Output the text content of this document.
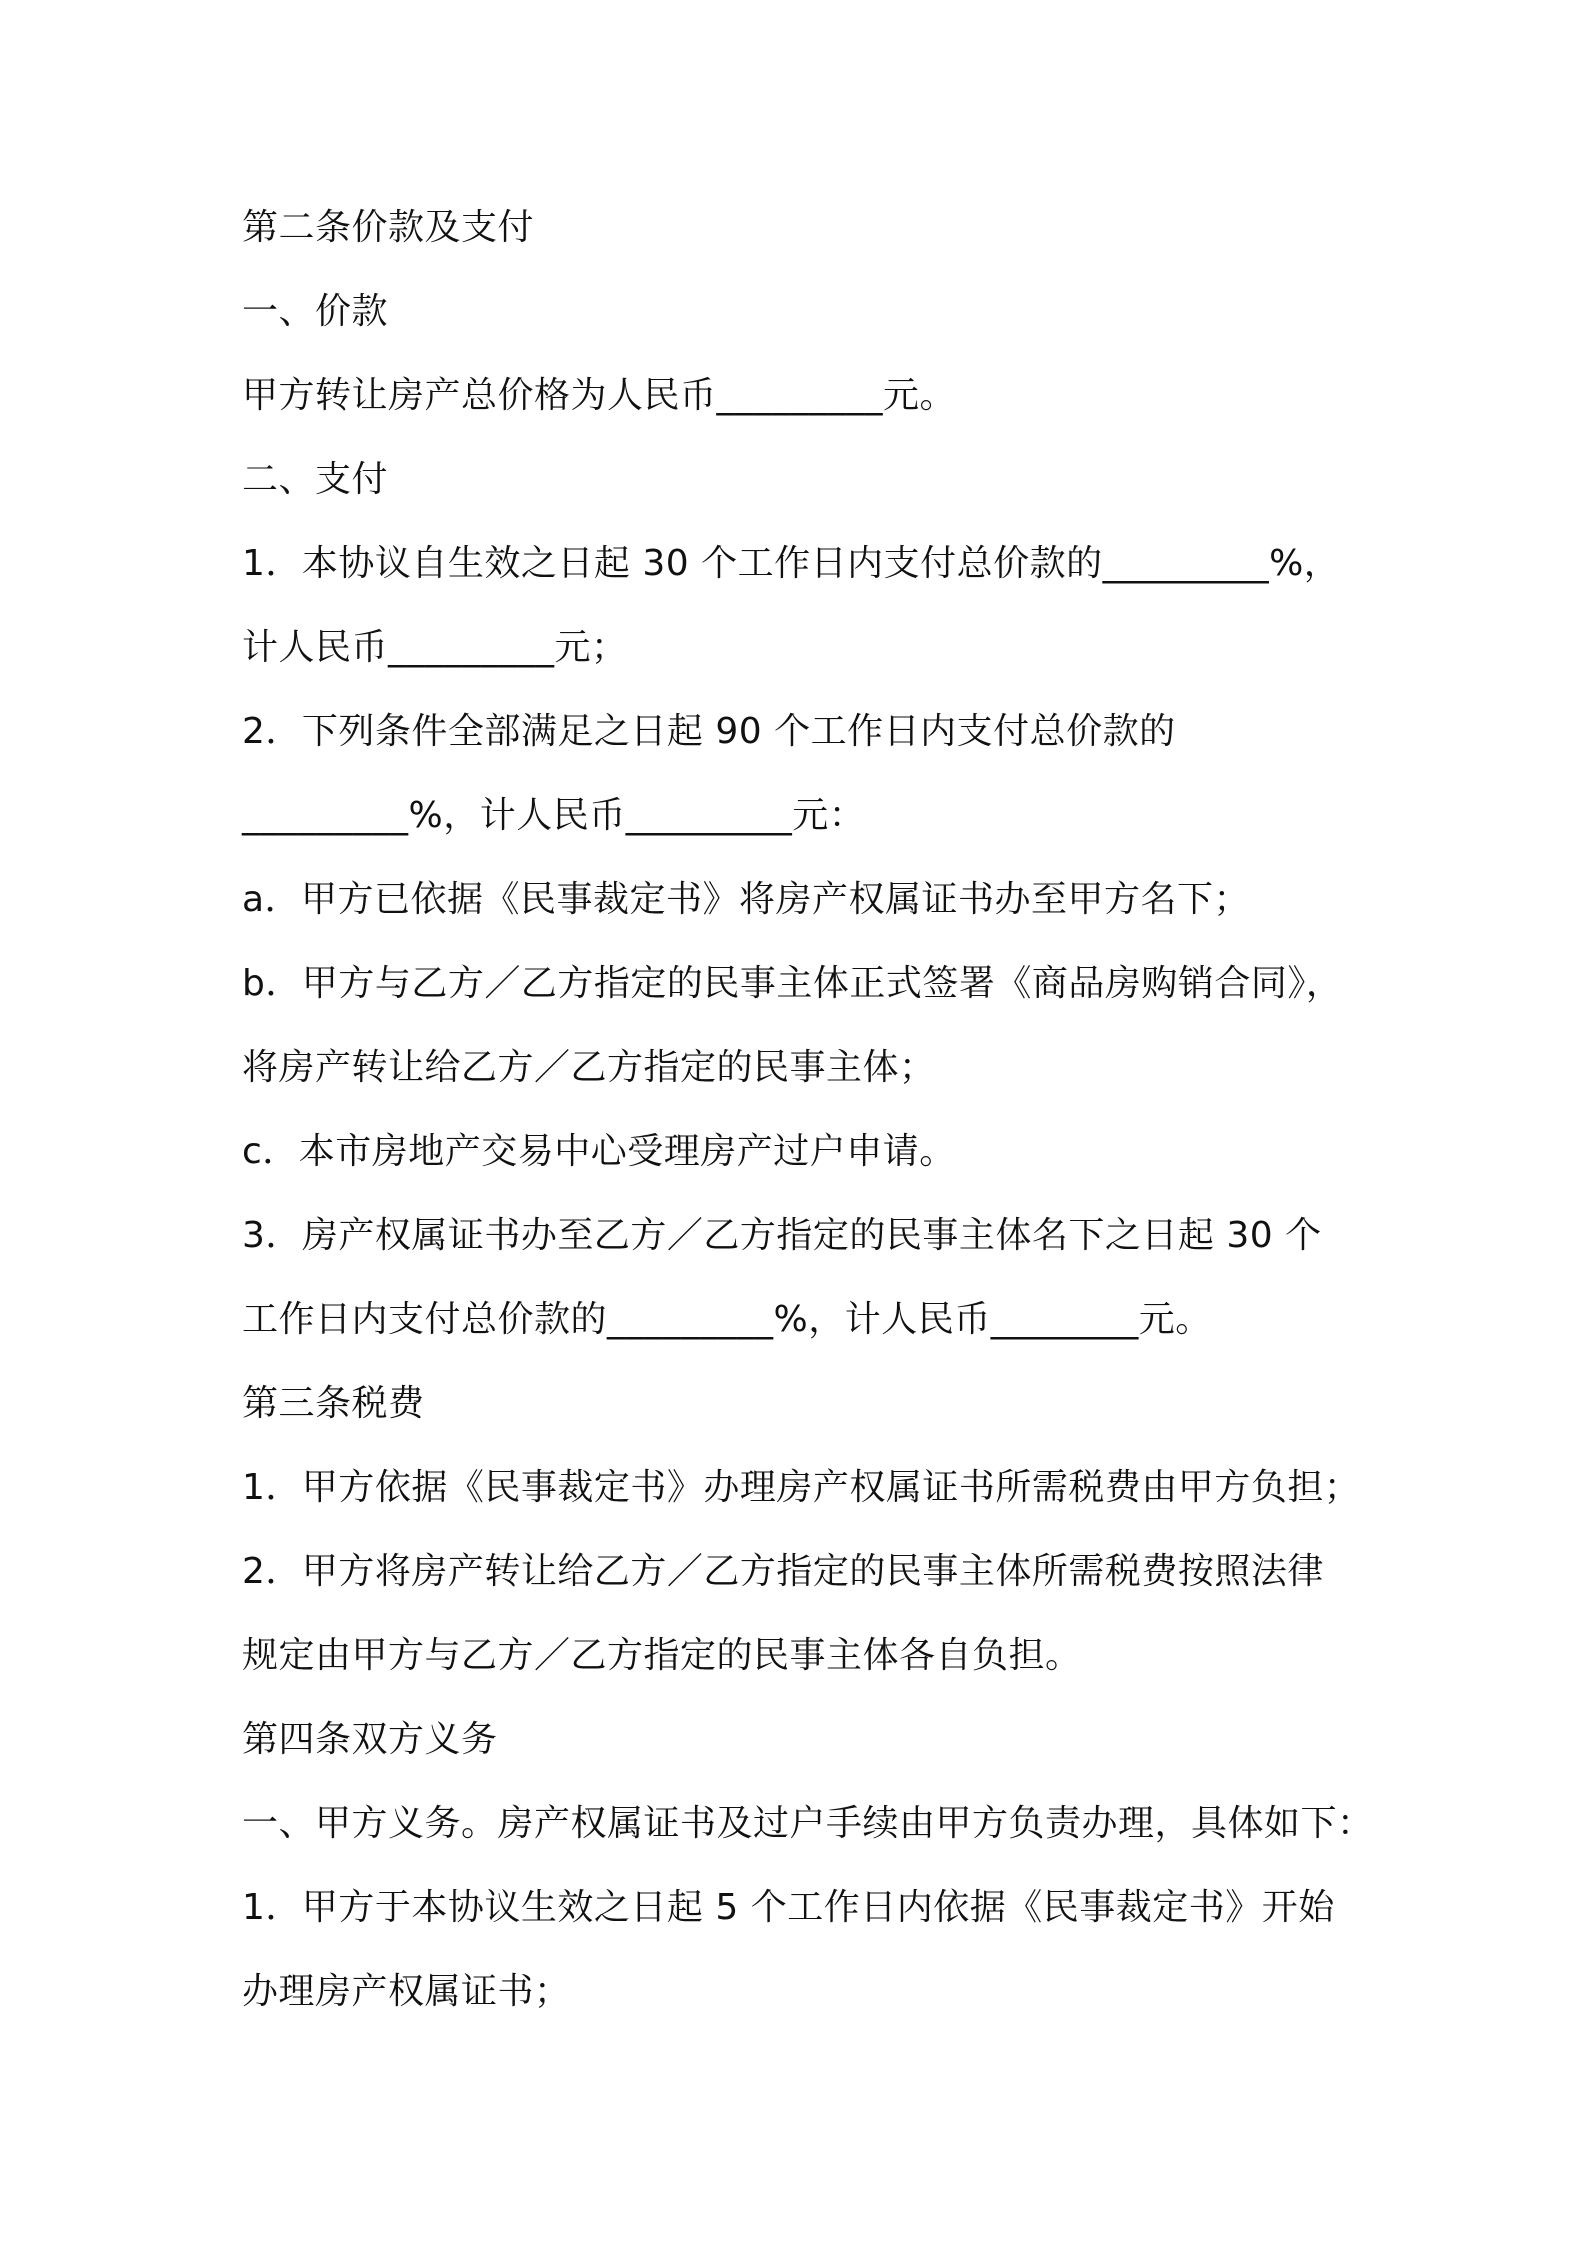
第二条价款及支付
一、价款
甲方转让房产总价格为人民币_________元。
二、支付
1．本协议自生效之日起 30 个工作日内支付总价款的_________%，
计人民币_________元；
2．下列条件全部满足之日起 90 个工作日内支付总价款的
_________%，计人民币_________元：
a．甲方已依据《民事裁定书》将房产权属证书办至甲方名下；
b．甲方与乙方／乙方指定的民事主体正式签署《商品房购销合同》，
将房产转让给乙方／乙方指定的民事主体；
c．本市房地产交易中心受理房产过户申请。
3．房产权属证书办至乙方／乙方指定的民事主体名下之日起 30 个
工作日内支付总价款的_________%，计人民币________元。
第三条税费
1．甲方依据《民事裁定书》办理房产权属证书所需税费由甲方负担；
2．甲方将房产转让给乙方／乙方指定的民事主体所需税费按照法律
规定由甲方与乙方／乙方指定的民事主体各自负担。
第四条双方义务
一、甲方义务。房产权属证书及过户手续由甲方负责办理，具体如下：
1．甲方于本协议生效之日起 5 个工作日内依据《民事裁定书》开始
办理房产权属证书；
